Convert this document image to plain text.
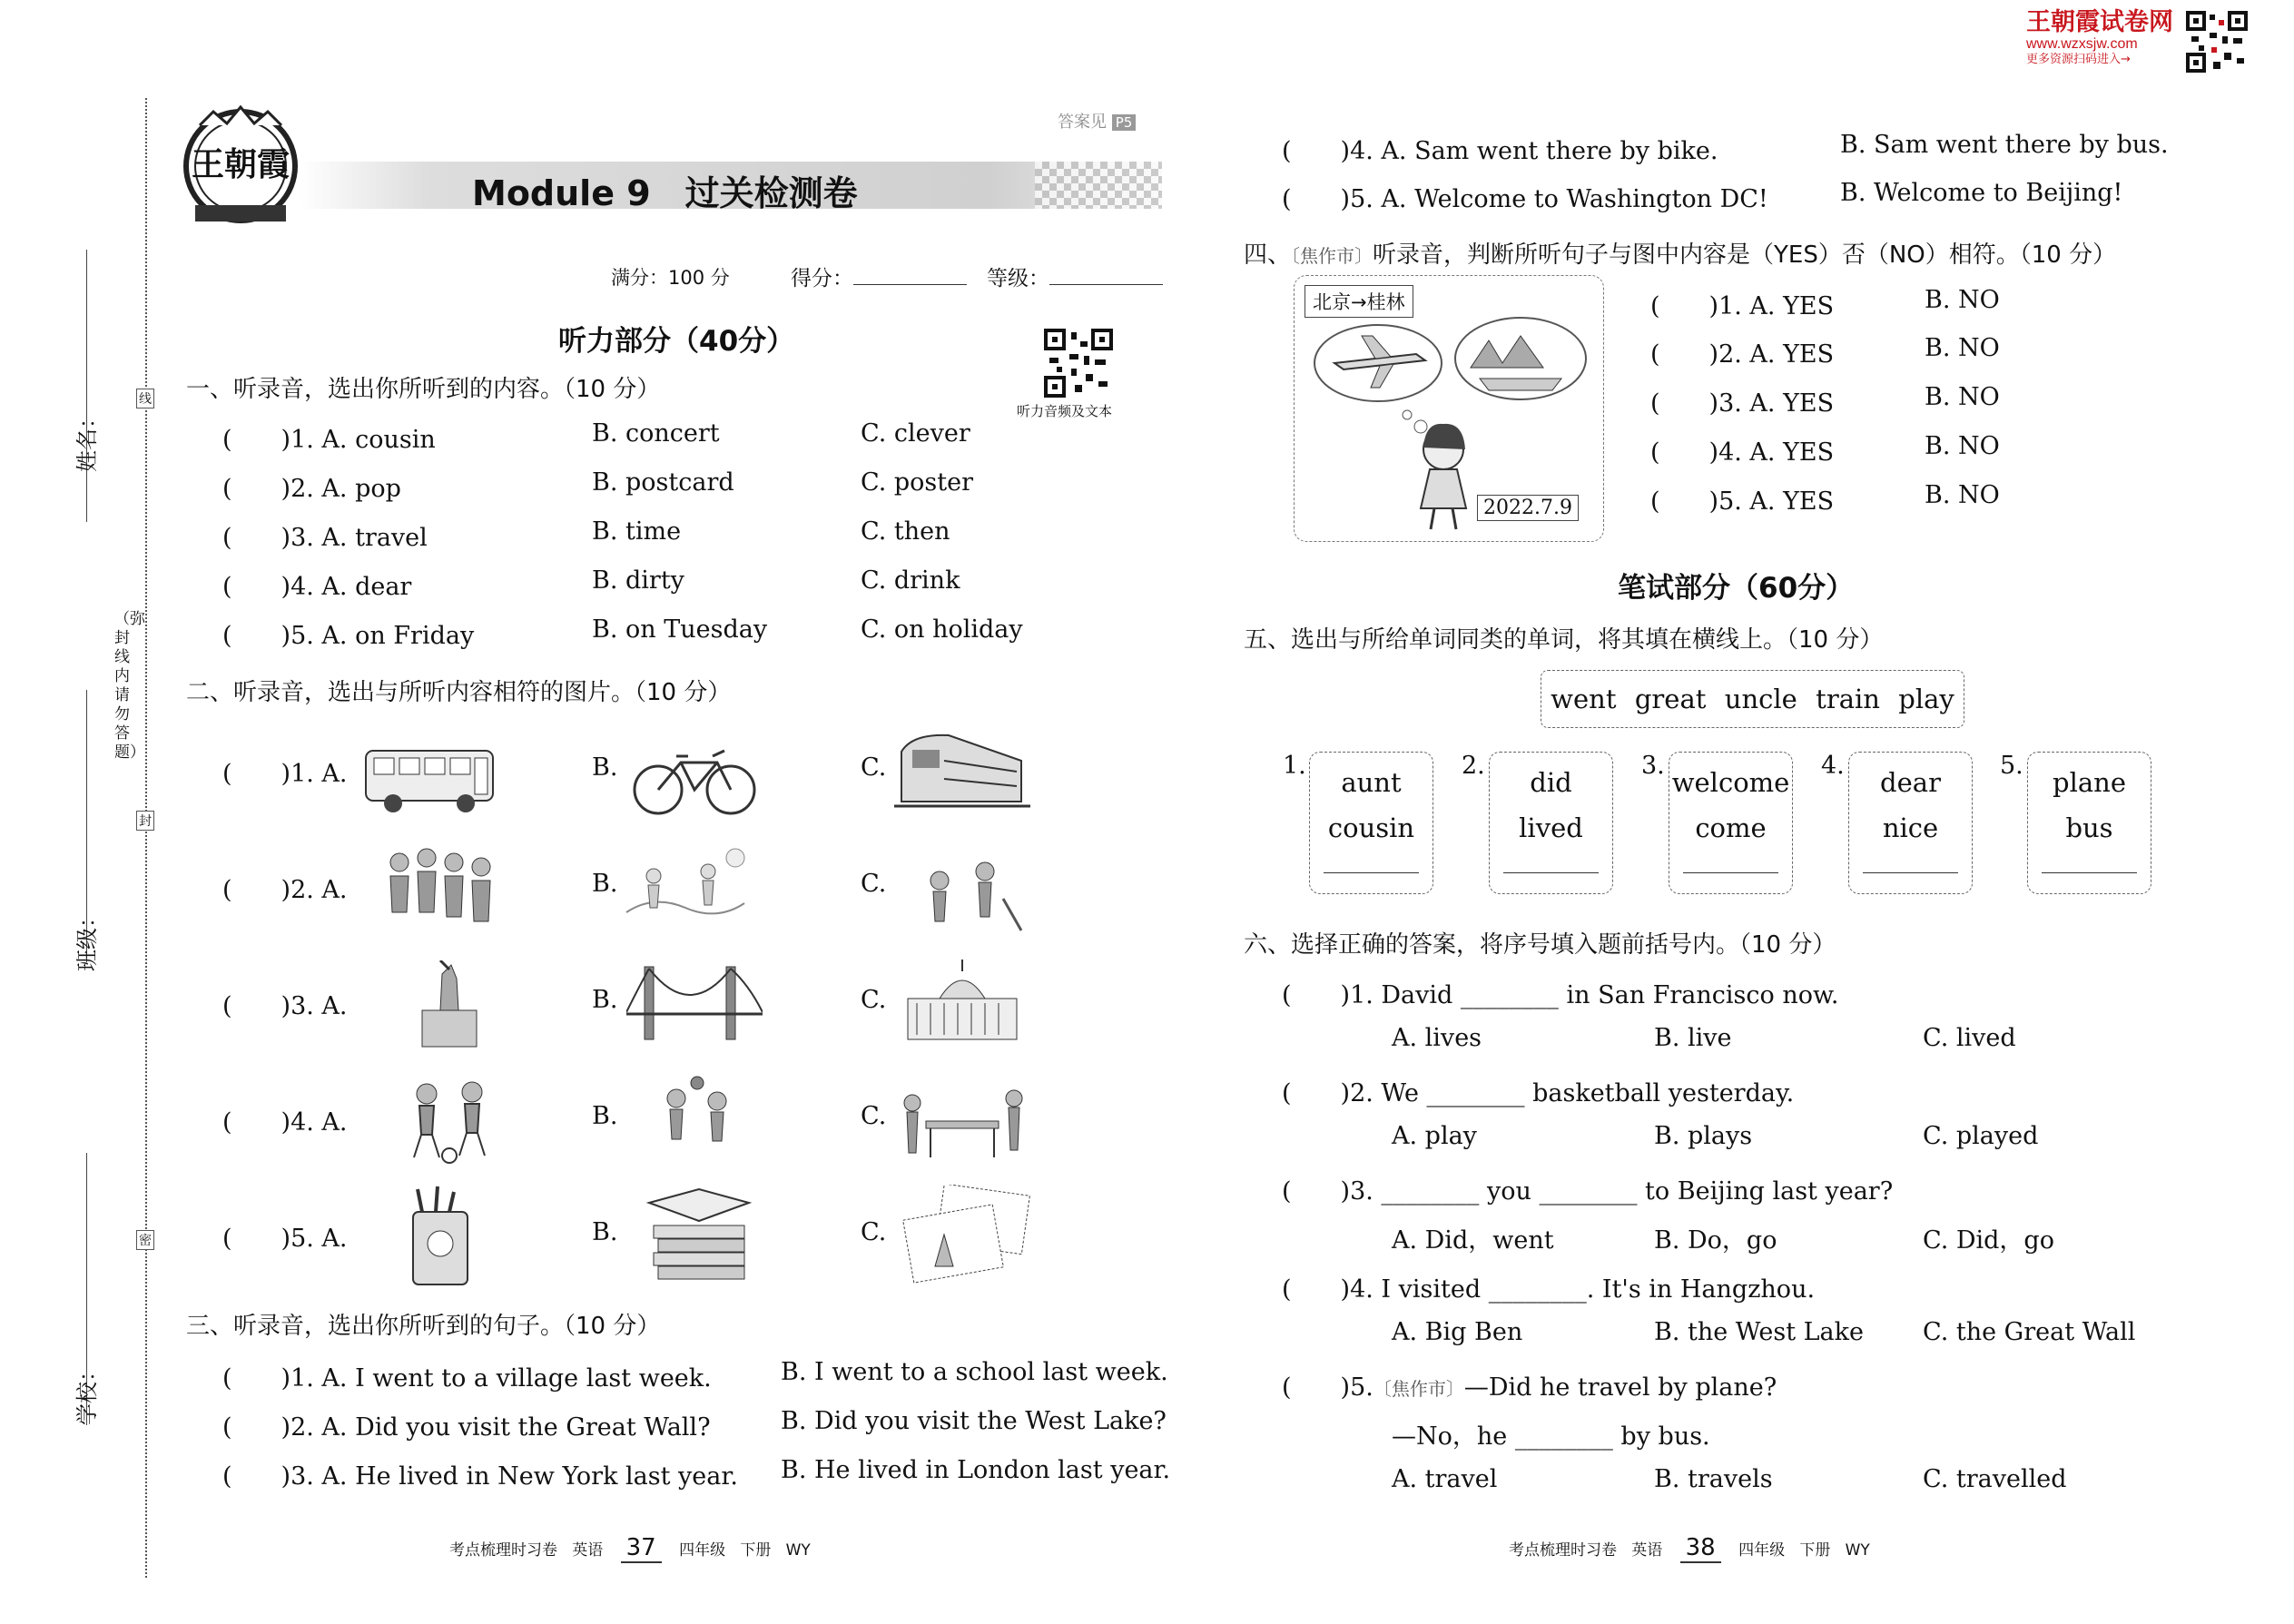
王朝霞试卷网
www.wzxsjw.com
更多资源扫码进入→
姓名：
班级：
学校：
（弥封线内请勿答题）
线
封
密
王朝霞
Module 9　过关检测卷
答案见 P5
满分：100 分	得分：	等级：
听力部分（40分）
听力音频及文本
一、听录音，选出你所听到的内容。（10 分）
(　　)1. A. cousin	B. concert	C. clever
(　　)2. A. pop	B. postcard	C. poster
(　　)3. A. travel	B. time	C. then
(　　)4. A. dear	B. dirty	C. drink
(　　)5. A. on Friday	B. on Tuesday	C. on holiday
二、听录音，选出与所听内容相符的图片。（10 分）
(　　)1. A.	B.	C.
(　　)2. A.	B.	C.
(　　)3. A.	B.	C.
(　　)4. A.	B.	C.
(　　)5. A.	B.	C.
三、听录音，选出你所听到的句子。（10 分）
(　　)1. A. I went to a village last week.	B. I went to a school last week.
(　　)2. A. Did you visit the Great Wall?	B. Did you visit the West Lake?
(　　)3. A. He lived in New York last year. B. He lived in London last year.
考点梳理时习卷 英语 37 四年级 下册 WY
(　　)4. A. Sam went there by bike.	B. Sam went there by bus.
(　　)5. A. Welcome to Washington DC!	B. Welcome to Beijing!
四、〔焦作市〕听录音，判断所听句子与图中内容是（YES）否（NO）相符。（10 分）
北京→桂林
2022.7.9
(　　)1. A. YES	B. NO
(　　)2. A. YES	B. NO
(　　)3. A. YES	B. NO
(　　)4. A. YES	B. NO
(　　)5. A. YES	B. NO
笔试部分（60分）
五、选出与所给单词同类的单词，将其填在横线上。（10 分）
went great uncle train play
1.
aunt
cousin
2.
did
lived
3.
welcome
come
4.
dear
nice
5.
plane
bus
六、选择正确的答案，将序号填入题前括号内。（10 分）
(　　)1. David ________ in San Francisco now.
A. lives	B. live	C. lived
(　　)2. We ________ basketball yesterday.
A. play	B. plays	C. played
(　　)3. ________ you ________ to Beijing last year?
A. Did，went	B. Do，go	C. Did，go
(　　)4. I visited ________. It's in Hangzhou.
A. Big Ben	B. the West Lake C. the Great Wall
(　　)5.〔焦作市〕—Did he travel by plane?
—No，he ________ by bus.
A. travel	B. travels	C. travelled
考点梳理时习卷 英语 38 四年级 下册 WY
